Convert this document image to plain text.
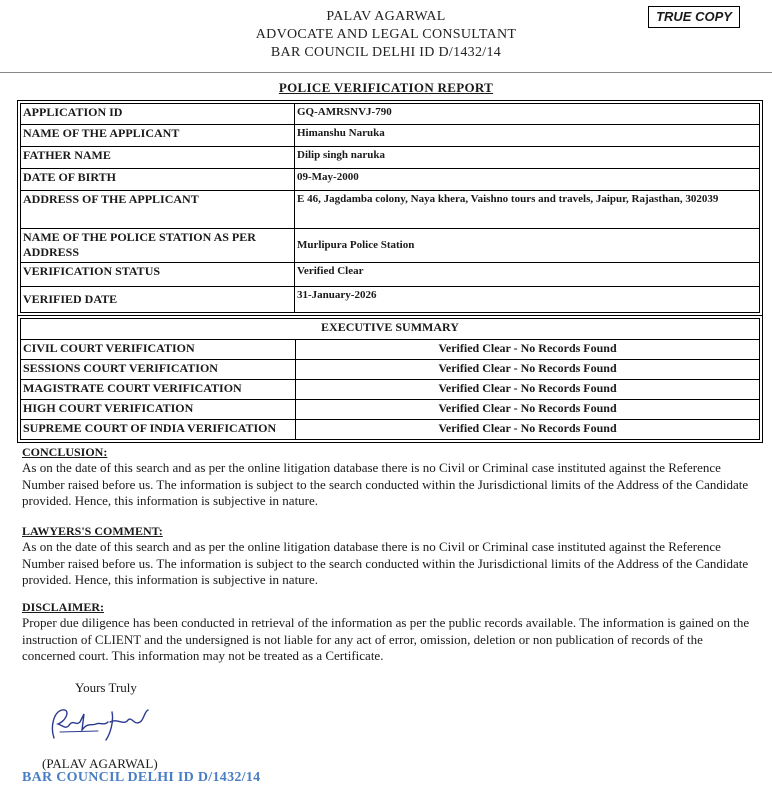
PALAV AGARWAL
ADVOCATE AND LEGAL CONSULTANT
BAR COUNCIL DELHI ID D/1432/14
TRUE COPY
POLICE VERIFICATION REPORT
APPLICATION ID	GQ-AMRSNVJ-790
NAME OF THE APPLICANT	Himanshu Naruka
FATHER NAME	Dilip singh naruka
DATE OF BIRTH	09-May-2000
ADDRESS OF THE APPLICANT	E 46, Jagdamba colony, Naya khera, Vaishno tours and travels, Jaipur, Rajasthan, 302039
NAME OF THE POLICE STATION AS PER ADDRESS	Murlipura Police Station
VERIFICATION STATUS	Verified Clear
VERIFIED DATE	31-January-2026
EXECUTIVE SUMMARY	
CIVIL COURT VERIFICATION	Verified Clear - No Records Found
SESSIONS COURT VERIFICATION	Verified Clear - No Records Found
MAGISTRATE COURT VERIFICATION	Verified Clear - No Records Found
HIGH COURT VERIFICATION	Verified Clear - No Records Found
SUPREME COURT OF INDIA VERIFICATION	Verified Clear - No Records Found
CONCLUSION:
As on the date of this search and as per the online litigation database there is no Civil or Criminal case instituted against the Reference Number raised before us. The information is subject to the search conducted within the Jurisdictional limits of the Address of the Candidate provided. Hence, this information is subjective in nature.
LAWYERS'S COMMENT:
As on the date of this search and as per the online litigation database there is no Civil or Criminal case instituted against the Reference Number raised before us. The information is subject to the search conducted within the Jurisdictional limits of the Address of the Candidate provided. Hence, this information is subjective in nature.
DISCLAIMER:
Proper due diligence has been conducted in retrieval of the information as per the public records available. The information is gained on the instruction of CLIENT and the undersigned is not liable for any act of error, omission, deletion or non publication of records of the concerned court. This information may not be treated as a Certificate.
Yours Truly
(PALAV AGARWAL)
BAR COUNCIL DELHI ID D/1432/14
